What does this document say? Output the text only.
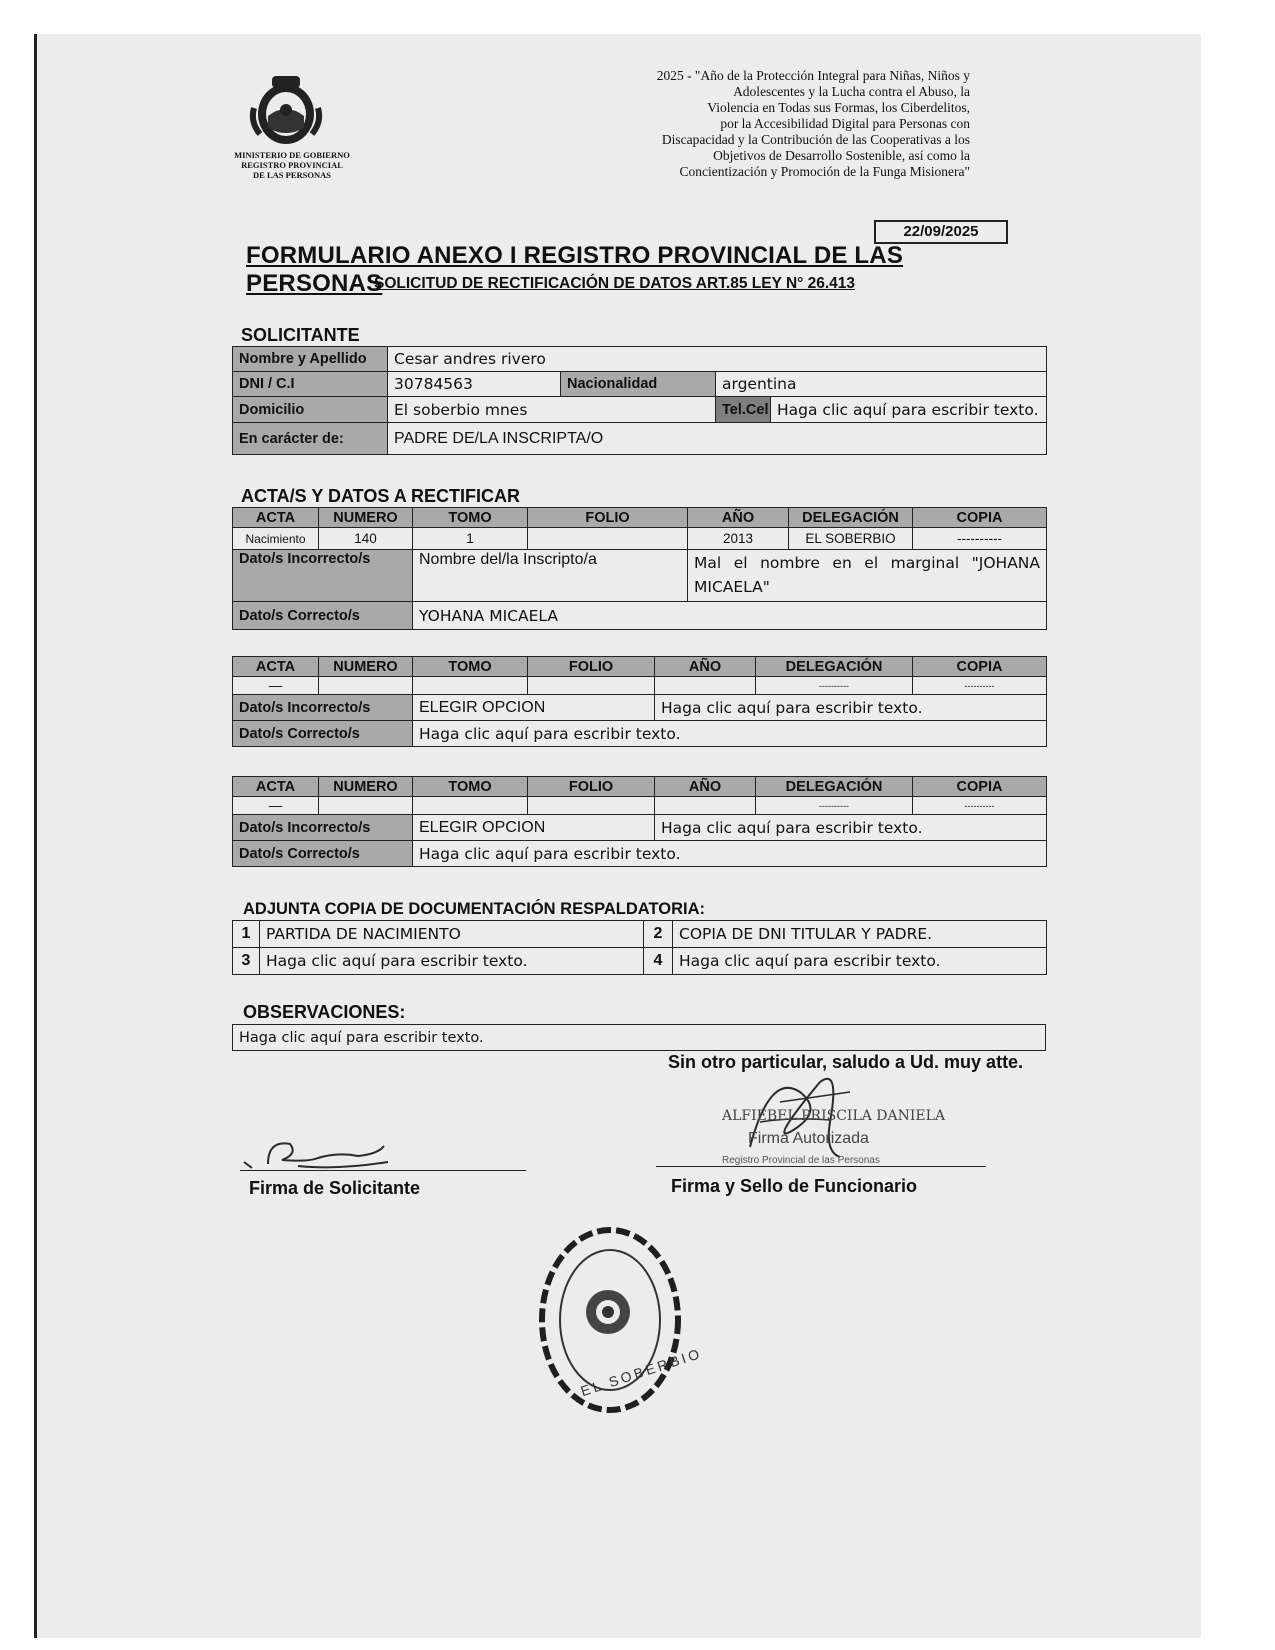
MINISTERIO DE GOBIERNO
REGISTRO PROVINCIAL
DE LAS PERSONAS
2025 - "Año de la Protección Integral para Niñas, Niños y
Adolescentes y la Lucha contra el Abuso, la
Violencia en Todas sus Formas, los Ciberdelitos,
por la Accesibilidad Digital para Personas con
Discapacidad y la Contribución de las Cooperativas a los
Objetivos de Desarrollo Sostenible, así como la
Concientización y Promoción de la Funga Misionera"
22/09/2025
FORMULARIO ANEXO I REGISTRO PROVINCIAL DE LAS PERSONAS
SOLICITUD DE RECTIFICACIÓN DE DATOS ART.85 LEY N° 26.413
SOLICITANTE
Nombre y Apellido	Cesar andres rivero			
DNI / C.I	30784563	Nacionalidad	argentina	
Domicilio	El soberbio mnes		Tel.Cel	Haga clic aquí para escribir texto.
En carácter de:	PADRE DE/LA INSCRIPTA/O			
ACTA/S Y DATOS A RECTIFICAR
ACTA	NUMERO	TOMO	FOLIO	AÑO	DELEGACIÓN	COPIA
Nacimiento	140	1		2013	EL SOBERBIO	----------
Dato/s Incorrecto/s		Nombre del/la Inscripto/a		Mal el nombre en el marginal "JOHANA MICAELA"		
Dato/s Correcto/s		YOHANA MICAELA				
ACTA	NUMERO	TOMO	FOLIO	AÑO	DELEGACIÓN	COPIA
—					----------	----------
Dato/s Incorrecto/s		ELEGIR OPCION		Haga clic aquí para escribir texto.		
Dato/s Correcto/s		Haga clic aquí para escribir texto.				
ACTA	NUMERO	TOMO	FOLIO	AÑO	DELEGACIÓN	COPIA
—					----------	----------
Dato/s Incorrecto/s		ELEGIR OPCION		Haga clic aquí para escribir texto.		
Dato/s Correcto/s		Haga clic aquí para escribir texto.				
ADJUNTA COPIA DE DOCUMENTACIÓN RESPALDATORIA:
1	PARTIDA DE NACIMIENTO	2	COPIA DE DNI TITULAR Y PADRE.
3	Haga clic aquí para escribir texto.	4	Haga clic aquí para escribir texto.
OBSERVACIONES:
Haga clic aquí para escribir texto.
Sin otro particular, saludo a Ud. muy atte.
ALFIEBEL PRISCILA DANIELA
Firma Autorizada
Registro Provincial de las Personas
Firma de Solicitante	Firma y Sello de Funcionario
EL SOBERBIO
